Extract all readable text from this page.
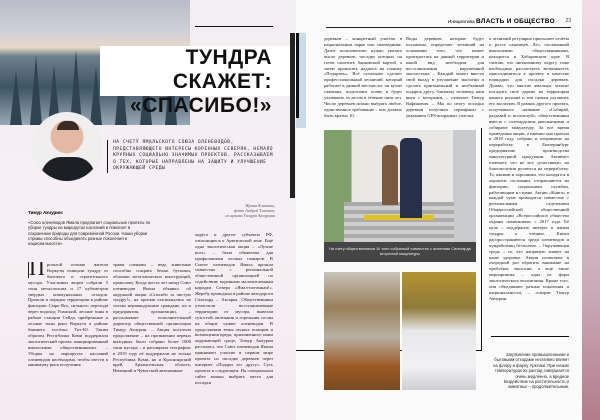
ТУНДРА СКАЖЕТ:
«СПАСИБО!»
НА СЧЕТУ ЯМАЛЬСКОГО СОЮЗА ОЛЕНЕВОДОВ, ПРЕДСТАВЛЯЮЩЕГО ИНТЕРЕСЫ КОРЕННЫХ СЕВЕРЯН, НЕМАЛО КРУПНЫХ СОЦИАЛЬНО ЗНАЧИМЫХ ПРОЕКТОВ. РАССКАЗЫВАЕМ О ТЕХ, КОТОРЫЕ НАПРАВЛЕНЫ НА ЗАЩИТУ И УЛУЧШЕНИЕ ОКРУЖАЮЩЕЙ СРЕДЫ
Ирина Климова,
фото Андрей Тихонов,
из архива Тимура Акчурина
Тимур Акчурин:
«Союз оленеводов Ямала предлагает социальные проекты по уборке тундры на маршрутах касланий и помогает в сохранении природы для современной России. Наши уборки стримы способны объединять разные поколения и национальности».
П рошлой осенью жители Воркуты очищали тундру от бытового и строительного мусора. Участники акции собрали 5 тонн металлолома и 17 кубометров твёрдых коммунальных отходов. Прошли и порядок территории в районе фактории Сырь-Яга, сильного перехода через водоход Усинский, лесные зоны в районе станции Сейда, прибрежные и лесные зоны реки Воркута в районе бывшего посёлка Тит-Ю. Таким образом Республика Коми поддержала экологический проект, инициированный ямальскими общественниками. – Уборка на маршрутах касланий оленеводов необходима, чтобы свести к минимуму риск получения
травм оленями – ведь животные способно сожрать белые бутылки, обломки металлических конструкций, проволоку. Когда шесть лет назад Союз оленеводов Ямала объявил об окружной акции «Спасибо за чистую тундру!», на призыв откликнулись не только неравнодушные граждане, но и предприятия, организации, – рассказывает исполнительный директор общественной организации Тимур Акчурин. – Акция получила продолжение – на протяжении первых выходных было собрано более 1000 тонн мусора – и расширила география: в 2019 году её поддержали не только Республика Коми, но и Красноярский край, Архангельская область, Ненецкий и Чукотский автономные
округа и другие субъекты РФ, относящиеся к Арктической зоне. Ещё одна экологическая акция – «Лучше всех» – была объявлена для профилактики лесных пожаров. В Союзе оленеводов Ямала прошли совместно с региональной общественной организацией по содействию коренным малочисленным народам Севера «Ямал-потомкам!». Жеребу проводили в районе автодороги Салехард – Аксарка. Общественники отчистили восстановленные территории от мусора, вывезли сухостой, валежник и горельник сосны на общие чужие оленеводов. В продолжении темы лесных пожаров и возмещения вреда, причиненного нами окружающей среде, Тимур Акчурин рассказал, что Союз оленеводов Ямала принимает участие в первом мире проекта по посадке деревьев через интернет «Подари лес другу». Суть проекта в следующем. На специальном сайте можно выбрать место для посадки
Инициатива ВЛАСТЬ И ОБЩЕСТВО	23
деревьев – конкретный участок в национальном парке или заповеднике. Далее пользователю нужно указать число деревьев, посадку которых он готов оплатить банковской картой, а затем прописать надпись на плашку «Подарить». Всё остальное сделает профессиональный лесничий, который работает в данной местности: он купит саженцы, подготовит почву и будет ухаживать за лесом в течение пяти лет. Число деревьев можно выбрать любое, единственное требование – оно должно быть кратно 10.
Виды деревьев, которые будут посажены, определяет лесничий на основании того, что может произрастать на данной территории и какой вид необходим для восстановления нарушенной экосистемы. – Каждый может внести свой вклад в улучшение экологии и сделать оригинальный и необычный подарок другу, близкому человеку, наш внук с которыми, – отмечает Тимур Вафинович. – Мы по итогу посадки деревьев получили сертификат с указанием GPS-координат участка,
а лесничий регулярно присылает отчёты о росте саженцев. Лес, посаженный ямальскими общественниками, находится в Хабаровском крае. Я считаю, что автономному округу тоже необходимо рассмотреть возможность присоединиться к проекту в качестве площадки для посадки деревьев. Думаю, что многие ямальцы захотят посадить своё дерево на территории нашего региона и тем самым улучшить его экологию. В рамках другого проекта, полученного название «Собирай, раздавай и используй», общественники вместе с салехардским школьниками и собирают макулатуру. За всё время проведения акции, а именно она прошла в 2018 году, собрано и отправлено на переработку в Екатеринбург предприятию производства макулатурной продукции. Активист отмечает, что не все «участники» на благополучии ругаются на переработку. То, какими и хорошими, что находятся в хорошем состоянии, отправляются на фактории, социальным службам, работающим в стране. Акции «Книга» в каждой чуме проводится совместно с региональным отделением Общероссийской общественной организации «Всероссийское общество охраны памятников» с 2017 года. Её цель – поддержать интерес к жизни тундры к чтению. Книги распространяются среди оленеводов и чумработниц бесплатно. – Окружающая среда – то, что напрямую влияет на наше здоровье. Акции позволяют в очередной раз обратить внимание на проблемы экологии, а ещё такие мероприятия – одна из форм экологического воспитания. Кроме того, они объединяют разные поколения и национальности, – говорит Тимур Акчурин.
На счету общественников 10 тонн собранной совместно с жителями Салехарда вторичной макулатуры
Загрязнение промышленными и бытовыми отходами негативно влияет на флору и фауну Арктики. При низких температурах их распад совершается очень медленно, а вредное воздействие на растительность и животных – продолжительным.
